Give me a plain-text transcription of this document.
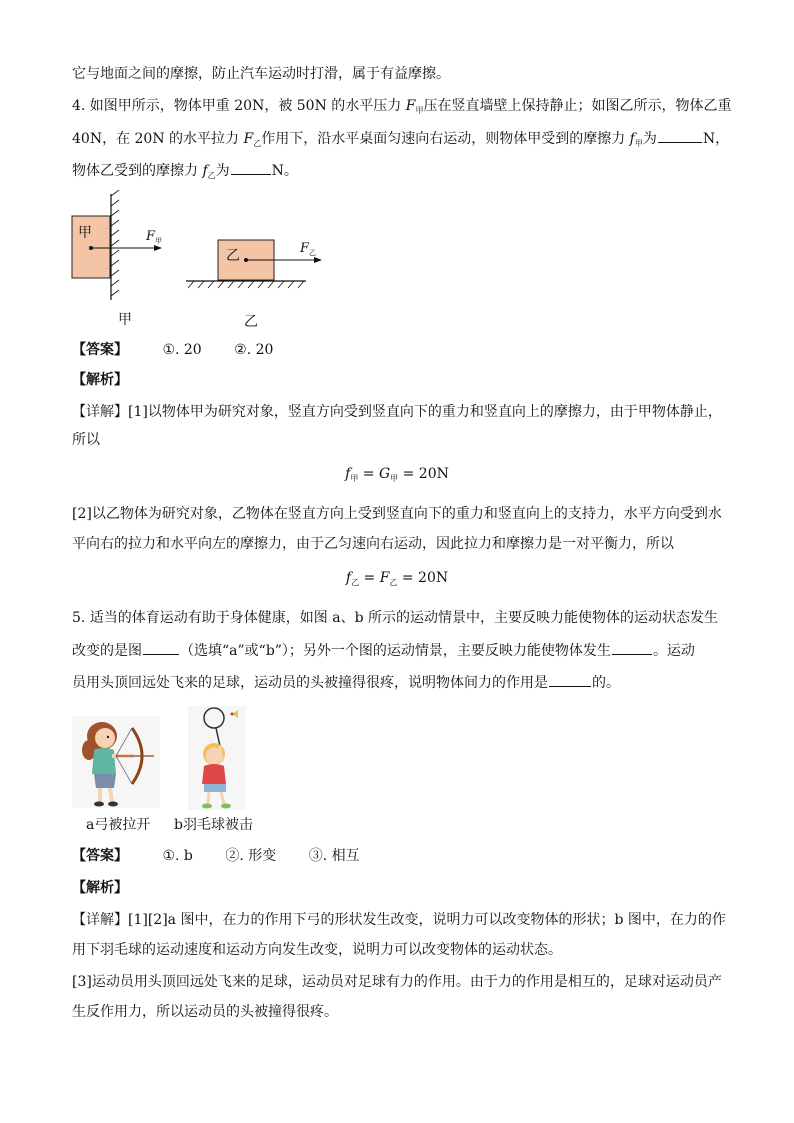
它与地面之间的摩擦，防止汽车运动时打滑，属于有益摩擦。
4. 如图甲所示，物体甲重 20N，被 50N 的水平压力 $F_甲$压在竖直墙壁上保持静止；如图乙所示，物体乙重
40N，在 20N 的水平拉力 $F_乙$作用下，沿水平桌面匀速向右运动，则物体甲受到的摩擦力 $f_甲$为	N，
物体乙受到的摩擦力 $f_乙$为	N。
甲	$F_甲$
乙	$F_乙$
甲	乙
【答案】 ①. 20 ②. 20
【解析】
【详解】[1]以物体甲为研究对象，竖直方向受到竖直向下的重力和竖直向上的摩擦力，由于甲物体静止，
所以
$f_甲 = G_甲 = 20N$
[2]以乙物体为研究对象，乙物体在竖直方向上受到竖直向下的重力和竖直向上的支持力，水平方向受到水
平向右的拉力和水平向左的摩擦力，由于乙匀速向右运动，因此拉力和摩擦力是一对平衡力，所以
$f_乙 = F_乙 = 20N$
5. 适当的体育运动有助于身体健康，如图 a、b 所示的运动情景中，主要反映力能使物体的运动状态发生
改变的是图	（选填“a”或“b”）；另外一个图的运动情景，主要反映力能使物体发生	。运动
员用头顶回远处飞来的足球，运动员的头被撞得很疼，说明物体间力的作用是	的。
a弓被拉开 b羽毛球被击
【答案】 ①. b ②. 形变 ③. 相互
【解析】
【详解】[1][2]a 图中，在力的作用下弓的形状发生改变，说明力可以改变物体的形状；b 图中，在力的作
用下羽毛球的运动速度和运动方向发生改变，说明力可以改变物体的运动状态。
[3]运动员用头顶回远处飞来的足球，运动员对足球有力的作用。由于力的作用是相互的，足球对运动员产
生反作用力，所以运动员的头被撞得很疼。
